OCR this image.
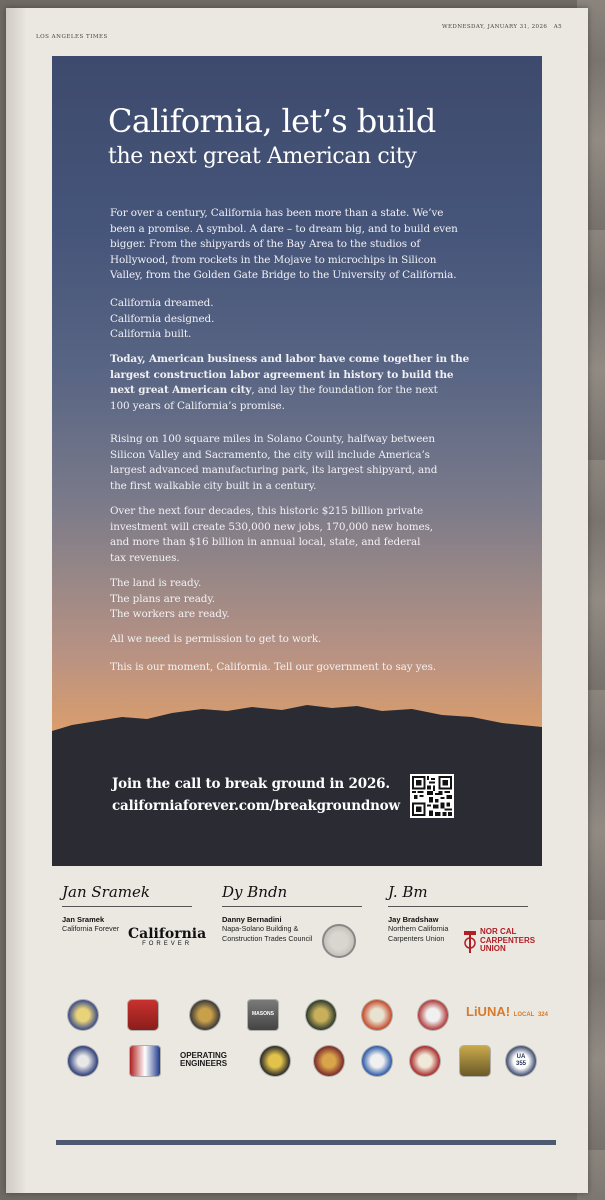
LOS ANGELES TIMES
WEDNESDAY, JANUARY 31, 2026 A5
California, let’s build
the next great American city

For over a century, California has been more than a state. We’ve
been a promise. A symbol. A dare – to dream big, and to build even
bigger. From the shipyards of the Bay Area to the studios of
Hollywood, from rockets in the Mojave to microchips in Silicon
Valley, from the Golden Gate Bridge to the University of California.

California dreamed.
California designed.
California built.

Today, American business and labor have come together in the
largest construction labor agreement in history to build the
next great American city, and lay the foundation for the next
100 years of California’s promise.

Rising on 100 square miles in Solano County, halfway between
Silicon Valley and Sacramento, the city will include America’s
largest advanced manufacturing park, its largest shipyard, and
the first walkable city built in a century.

Over the next four decades, this historic $215 billion private
investment will create 530,000 new jobs, 170,000 new homes,
and more than $16 billion in annual local, state, and federal
tax revenues.

The land is ready.
The plans are ready.
The workers are ready.

All we need is permission to get to work.

This is our moment, California. Tell our government to say yes.

Join the call to break ground in 2026.
californiaforever.com/breakgroundnow
Jan Sramek
Jan Sramek
California Forever
Dy Bndn
Danny Bernadini
Napa-Solano Building &
Construction Trades Council
J. Bm
Jay Bradshaw
Northern California
Carpenters Union
California
FOREVER
NOR CAL
CARPENTERS
UNION
MASONS	LiUNA! LOCAL 324
OPERATING
ENGINEERS
UA
355
